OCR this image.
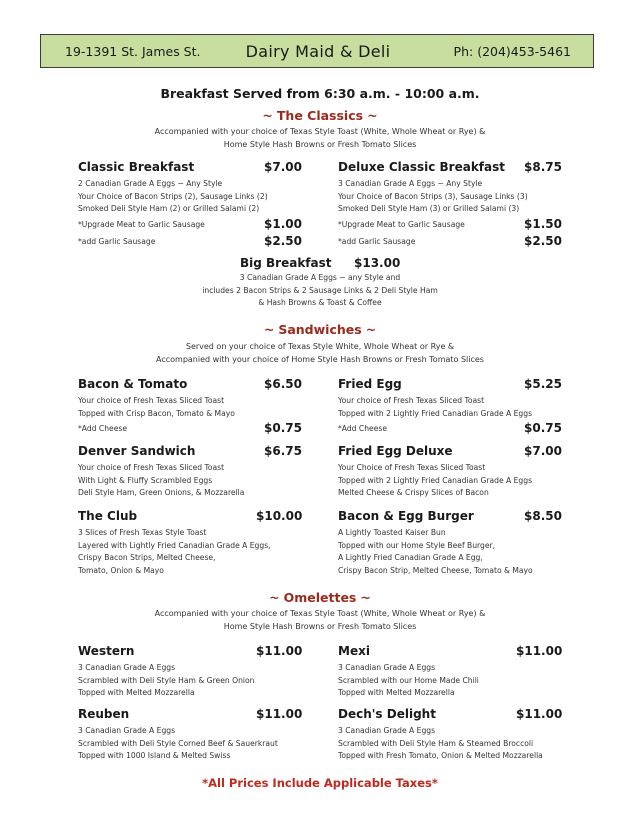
Dairy Maid & Deli
19-1391 St. James St.	Ph: (204)453-5461
Breakfast Served from 6:30 a.m. - 10:00 a.m.
~ The Classics ~
Accompanied with your choice of Texas Style Toast (White, Whole Wheat or Rye) &
Home Style Hash Browns or Fresh Tomato Slices
Classic Breakfast	$7.00
2 Canadian Grade A Eggs ~ Any Style
Your Choice of Bacon Strips (2), Sausage Links (2)
Smoked Deli Style Ham (2) or Grilled Salami (2)
*Upgrade Meat to Garlic Sausage	$1.00
*add Garlic Sausage	$2.50
Deluxe Classic Breakfast $8.75
3 Canadian Grade A Eggs ~ Any Style
Your Choice of Bacon Strips (3), Sausage Links (3)
Smoked Deli Style Ham (3) or Grilled Salami (3)
*Upgrade Meat to Garlic Sausage	$1.50
*add Garlic Sausage	$2.50
Big Breakfast $13.00
3 Canadian Grade A Eggs ~ any Style and
includes 2 Bacon Strips & 2 Sausage Links & 2 Deli Style Ham
& Hash Browns & Toast & Coffee
~ Sandwiches ~
Served on your choice of Texas Style White, Whole Wheat or Rye &
Accompanied with your choice of Home Style Hash Browns or Fresh Tomato Slices
Bacon & Tomato	$6.50
Your choice of Fresh Texas Sliced Toast
Topped with Crisp Bacon, Tomato & Mayo
*Add Cheese	$0.75
Fried Egg	$5.25
Your choice of Fresh Texas Sliced Toast
Topped with 2 Lightly Fried Canadian Grade A Eggs
*Add Cheese	$0.75
Denver Sandwich	$6.75
Your choice of Fresh Texas Sliced Toast
With Light & Fluffy Scrambled Eggs
Deli Style Ham, Green Onions, & Mozzarella
Fried Egg Deluxe	$7.00
Your Choice of Fresh Texas Sliced Toast
Topped with 2 Lightly Fried Canadian Grade A Eggs
Melted Cheese & Crispy Slices of Bacon
The Club	$10.00
3 Slices of Fresh Texas Style Toast
Layered with Lightly Fried Canadian Grade A Eggs,
Crispy Bacon Strips, Melted Cheese,
Tomato, Onion & Mayo
Bacon & Egg Burger	$8.50
A Lightly Toasted Kaiser Bun
Topped with our Home Style Beef Burger,
A Lightly Fried Canadian Grade A Egg,
Crispy Bacon Strip, Melted Cheese, Tomato & Mayo
~ Omelettes ~
Accompanied with your choice of Texas Style Toast (White, Whole Wheat or Rye) &
Home Style Hash Browns or Fresh Tomato Slices
Western	$11.00
3 Canadian Grade A Eggs
Scrambled with Deli Style Ham & Green Onion
Topped with Melted Mozzarella
Mexi	$11.00
3 Canadian Grade A Eggs
Scrambled with our Home Made Chili
Topped with Melted Mozzarella
Reuben	$11.00
3 Canadian Grade A Eggs
Scrambled with Deli Style Corned Beef & Sauerkraut
Topped with 1000 Island & Melted Swiss
Dech's Delight	$11.00
3 Canadian Grade A Eggs
Scrambled with Deli Style Ham & Steamed Broccoli
Topped with Fresh Tomato, Onion & Melted Mozzarella
*All Prices Include Applicable Taxes*
